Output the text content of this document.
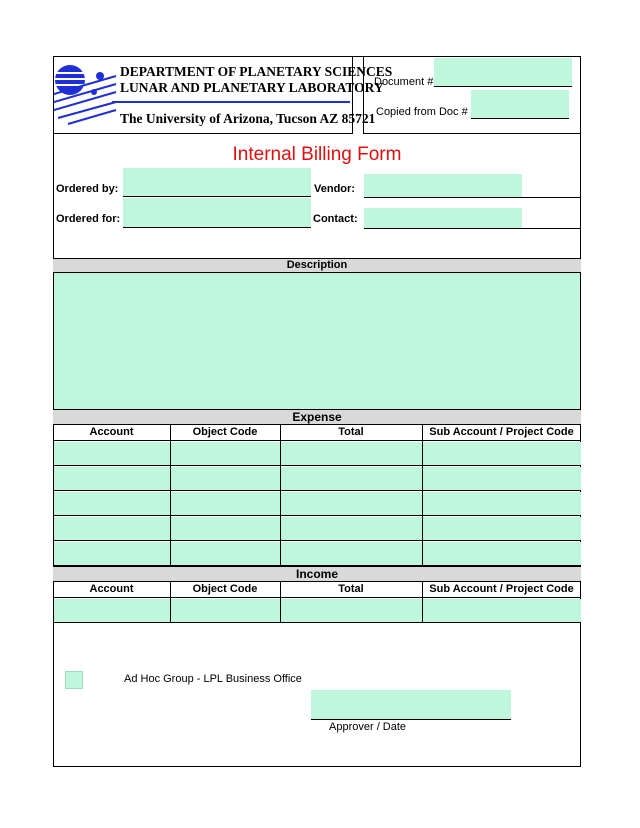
DEPARTMENT OF PLANETARY SCIENCES
LUNAR AND PLANETARY LABORATORY
The University of Arizona, Tucson AZ 85721
Document #
Copied from Doc #
Internal Billing Form
Ordered by:	Vendor:
Ordered for:	Contact:
Description
Expense
Account	Object Code	Total	Sub Account / Project Code
Income
Account	Object Code	Total	Sub Account / Project Code
Ad Hoc Group - LPL Business Office
Approver / Date
